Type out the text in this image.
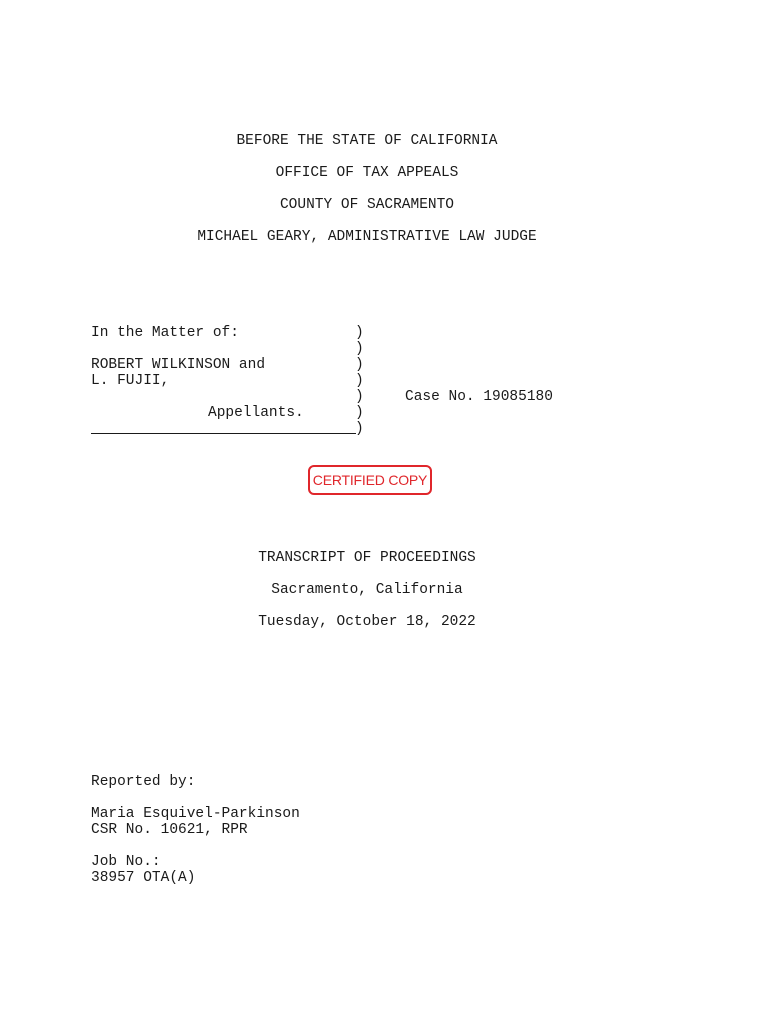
BEFORE THE STATE OF CALIFORNIA
OFFICE OF TAX APPEALS
COUNTY OF SACRAMENTO
MICHAEL GEARY, ADMINISTRATIVE LAW JUDGE
In the Matter of:
ROBERT WILKINSON and
L. FUJII,
Appellants.
)
)
)
)
)
)
)
Case No. 19085180
CERTIFIED COPY
TRANSCRIPT OF PROCEEDINGS
Sacramento, California
Tuesday, October 18, 2022
Reported by:
Maria Esquivel-Parkinson
CSR No. 10621, RPR
Job No.:
38957 OTA(A)
